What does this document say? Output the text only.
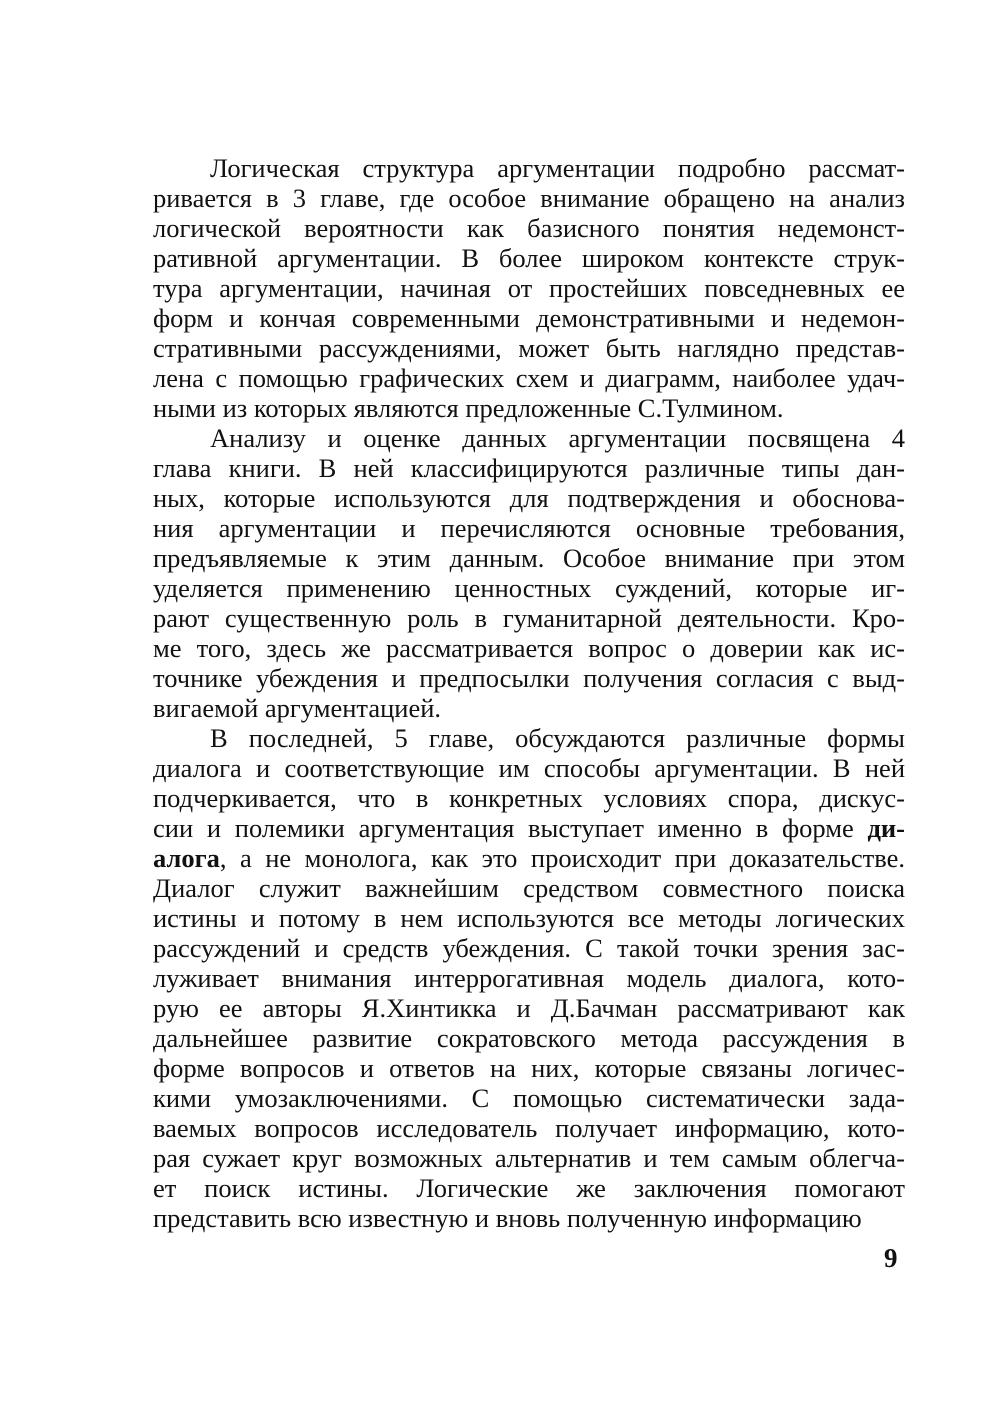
Логическая структура аргументации подробно рассмат-
ривается в 3 главе, где особое внимание обращено на анализ
логической вероятности как базисного понятия недемонст-
ративной аргументации. В более широком контексте струк-
тура аргументации, начиная от простейших повседневных ее
форм и кончая современными демонстративными и недемон-
стративными рассуждениями, может быть наглядно представ-
лена с помощью графических схем и диаграмм, наиболее удач-
ными из которых являются предложенные С.Тулмином.
Анализу и оценке данных аргументации посвящена 4
глава книги. В ней классифицируются различные типы дан-
ных, которые используются для подтверждения и обоснова-
ния аргументации и перечисляются основные требования,
предъявляемые к этим данным. Особое внимание при этом
уделяется применению ценностных суждений, которые иг-
рают существенную роль в гуманитарной деятельности. Кро-
ме того, здесь же рассматривается вопрос о доверии как ис-
точнике убеждения и предпосылки получения согласия с выд-
вигаемой аргументацией.
В последней, 5 главе, обсуждаются различные формы
диалога и соответствующие им способы аргументации. В ней
подчеркивается, что в конкретных условиях спора, дискус-
сии и полемики аргументация выступает именно в форме ди-
алога, а не монолога, как это происходит при доказательстве.
Диалог служит важнейшим средством совместного поиска
истины и потому в нем используются все методы логических
рассуждений и средств убеждения. С такой точки зрения зас-
луживает внимания интеррогативная модель диалога, кото-
рую ее авторы Я.Хинтикка и Д.Бачман рассматривают как
дальнейшее развитие сократовского метода рассуждения в
форме вопросов и ответов на них, которые связаны логичес-
кими умозаключениями. С помощью систематически зада-
ваемых вопросов исследователь получает информацию, кото-
рая сужает круг возможных альтернатив и тем самым облегча-
ет поиск истины. Логические же заключения помогают
представить всю известную и вновь полученную информацию
9
